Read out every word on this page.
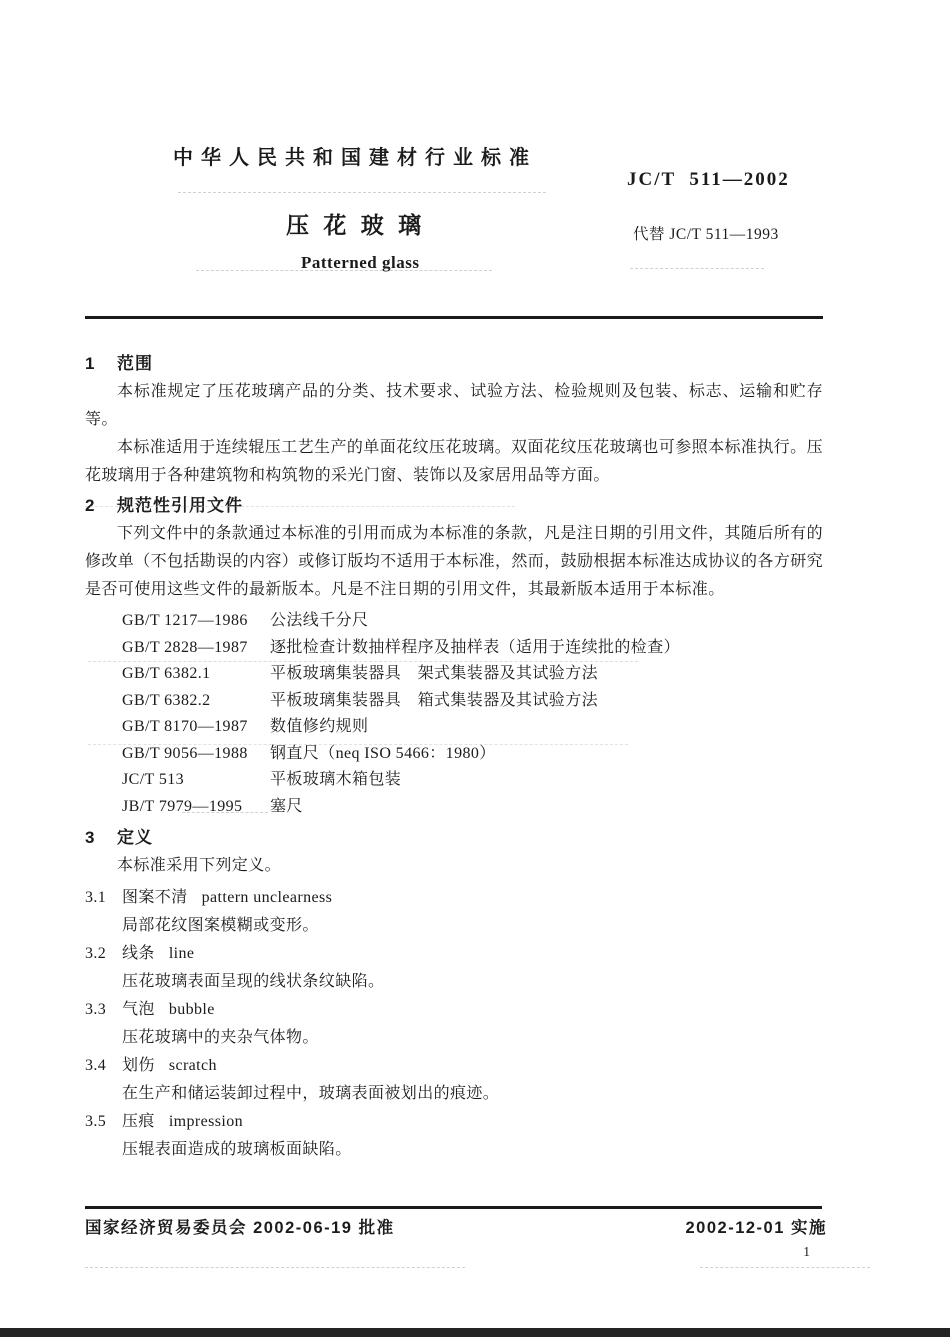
中华人民共和国建材行业标准
JC/T  511—2002
压 花 玻 璃	代替 JC/T 511—1993
Patterned glass
1 范围

本标准规定了压花玻璃产品的分类、技术要求、试验方法、检验规则及包装、标志、运输和贮存等。

本标准适用于连续辊压工艺生产的单面花纹压花玻璃。双面花纹压花玻璃也可参照本标准执行。压花玻璃用于各种建筑物和构筑物的采光门窗、装饰以及家居用品等方面。

2 规范性引用文件

下列文件中的条款通过本标准的引用而成为本标准的条款，凡是注日期的引用文件，其随后所有的修改单（不包括勘误的内容）或修订版均不适用于本标准，然而，鼓励根据本标准达成协议的各方研究是否可使用这些文件的最新版本。凡是不注日期的引用文件，其最新版本适用于本标准。

GB/T 1217—1986	公法线千分尺
GB/T 2828—1987	逐批检查计数抽样程序及抽样表（适用于连续批的检查）
GB/T 6382.1	平板玻璃集装器具　架式集装器及其试验方法
GB/T 6382.2	平板玻璃集装器具　箱式集装器及其试验方法
GB/T 8170—1987	数值修约规则
GB/T 9056—1988	钢直尺（neq ISO 5466：1980）
JC/T 513	平板玻璃木箱包装
JB/T 7979—1995	塞尺
3 定义

本标准采用下列定义。

3.1 图案不清 pattern unclearness
局部花纹图案模糊或变形。
3.2 线条 line
压花玻璃表面呈现的线状条纹缺陷。
3.3 气泡 bubble
压花玻璃中的夹杂气体物。
3.4 划伤 scratch
在生产和储运装卸过程中，玻璃表面被划出的痕迹。
3.5 压痕 impression
压辊表面造成的玻璃板面缺陷。
国家经济贸易委员会 2002-06-19 批准	2002-12-01 实施
1
